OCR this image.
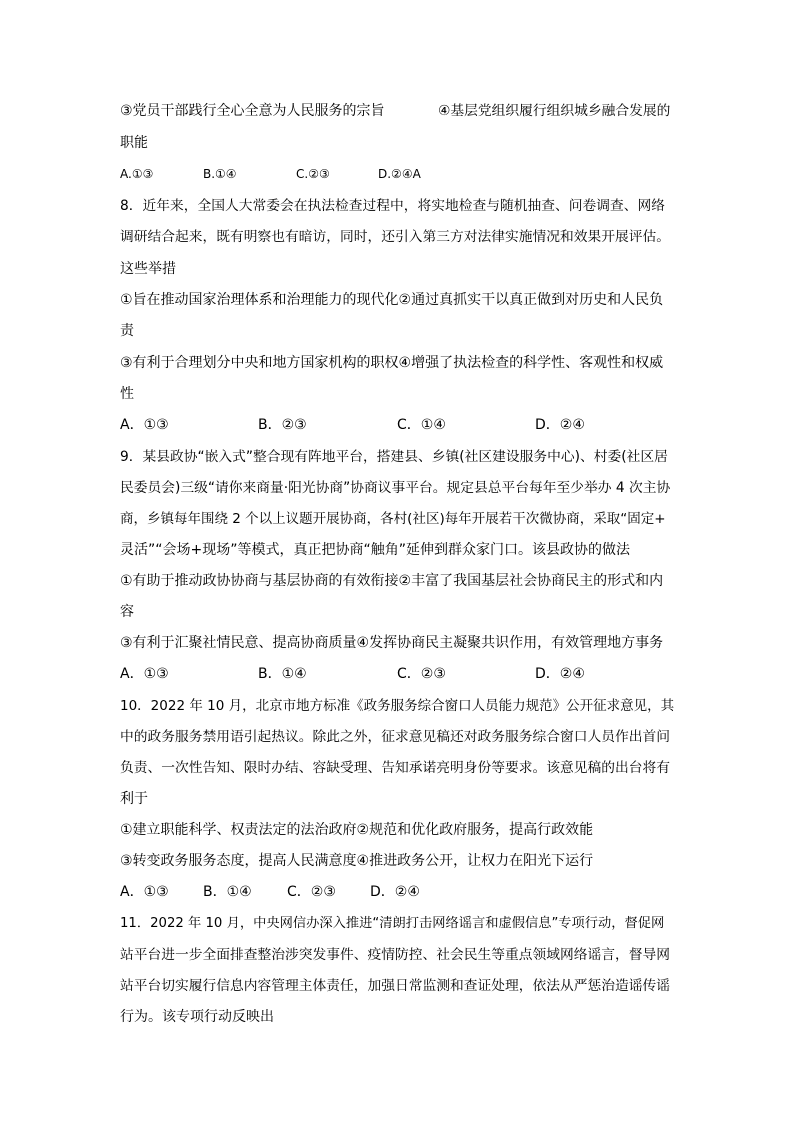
③党员干部践行全心全意为人民服务的宗旨	④基层党组织履行组织城乡融合发展的
职能
A.①③	B.①④	C.②③	D.②④A
8．近年来，全国人大常委会在执法检查过程中，将实地检查与随机抽查、问卷调查、网络
调研结合起来，既有明察也有暗访，同时，还引入第三方对法律实施情况和效果开展评估。
这些举措
①旨在推动国家治理体系和治理能力的现代化②通过真抓实干以真正做到对历史和人民负
责
③有利于合理划分中央和地方国家机构的职权④增强了执法检查的科学性、客观性和权威
性
A．①③	B．②③	C．①④	D．②④
9．某县政协“嵌入式”整合现有阵地平台，搭建县、乡镇(社区建设服务中心)、村委(社区居
民委员会)三级“请你来商量·阳光协商”协商议事平台。规定县总平台每年至少举办 4 次主协
商，乡镇每年围绕 2 个以上议题开展协商，各村(社区)每年开展若干次微协商，采取“固定+
灵活”“会场+现场”等模式，真正把协商“触角”延伸到群众家门口。该县政协的做法
①有助于推动政协协商与基层协商的有效衔接②丰富了我国基层社会协商民主的形式和内
容
③有利于汇聚社情民意、提高协商质量④发挥协商民主凝聚共识作用，有效管理地方事务
A．①③	B．①④	C．②③	D．②④
10．2022 年 10 月，北京市地方标准《政务服务综合窗口人员能力规范》公开征求意见，其
中的政务服务禁用语引起热议。除此之外，征求意见稿还对政务服务综合窗口人员作出首问
负责、一次性告知、限时办结、容缺受理、告知承诺亮明身份等要求。该意见稿的出台将有
利于
①建立职能科学、权责法定的法治政府②规范和优化政府服务，提高行政效能
③转变政务服务态度，提高人民满意度④推进政务公开，让权力在阳光下运行
A．①③ B．①④	C．②③ D．②④
11．2022 年 10 月，中央网信办深入推进“清朗打击网络谣言和虚假信息”专项行动，督促网
站平台进一步全面排查整治涉突发事件、疫情防控、社会民生等重点领域网络谣言，督导网
站平台切实履行信息内容管理主体责任，加强日常监测和查证处理，依法从严惩治造谣传谣
行为。该专项行动反映出
